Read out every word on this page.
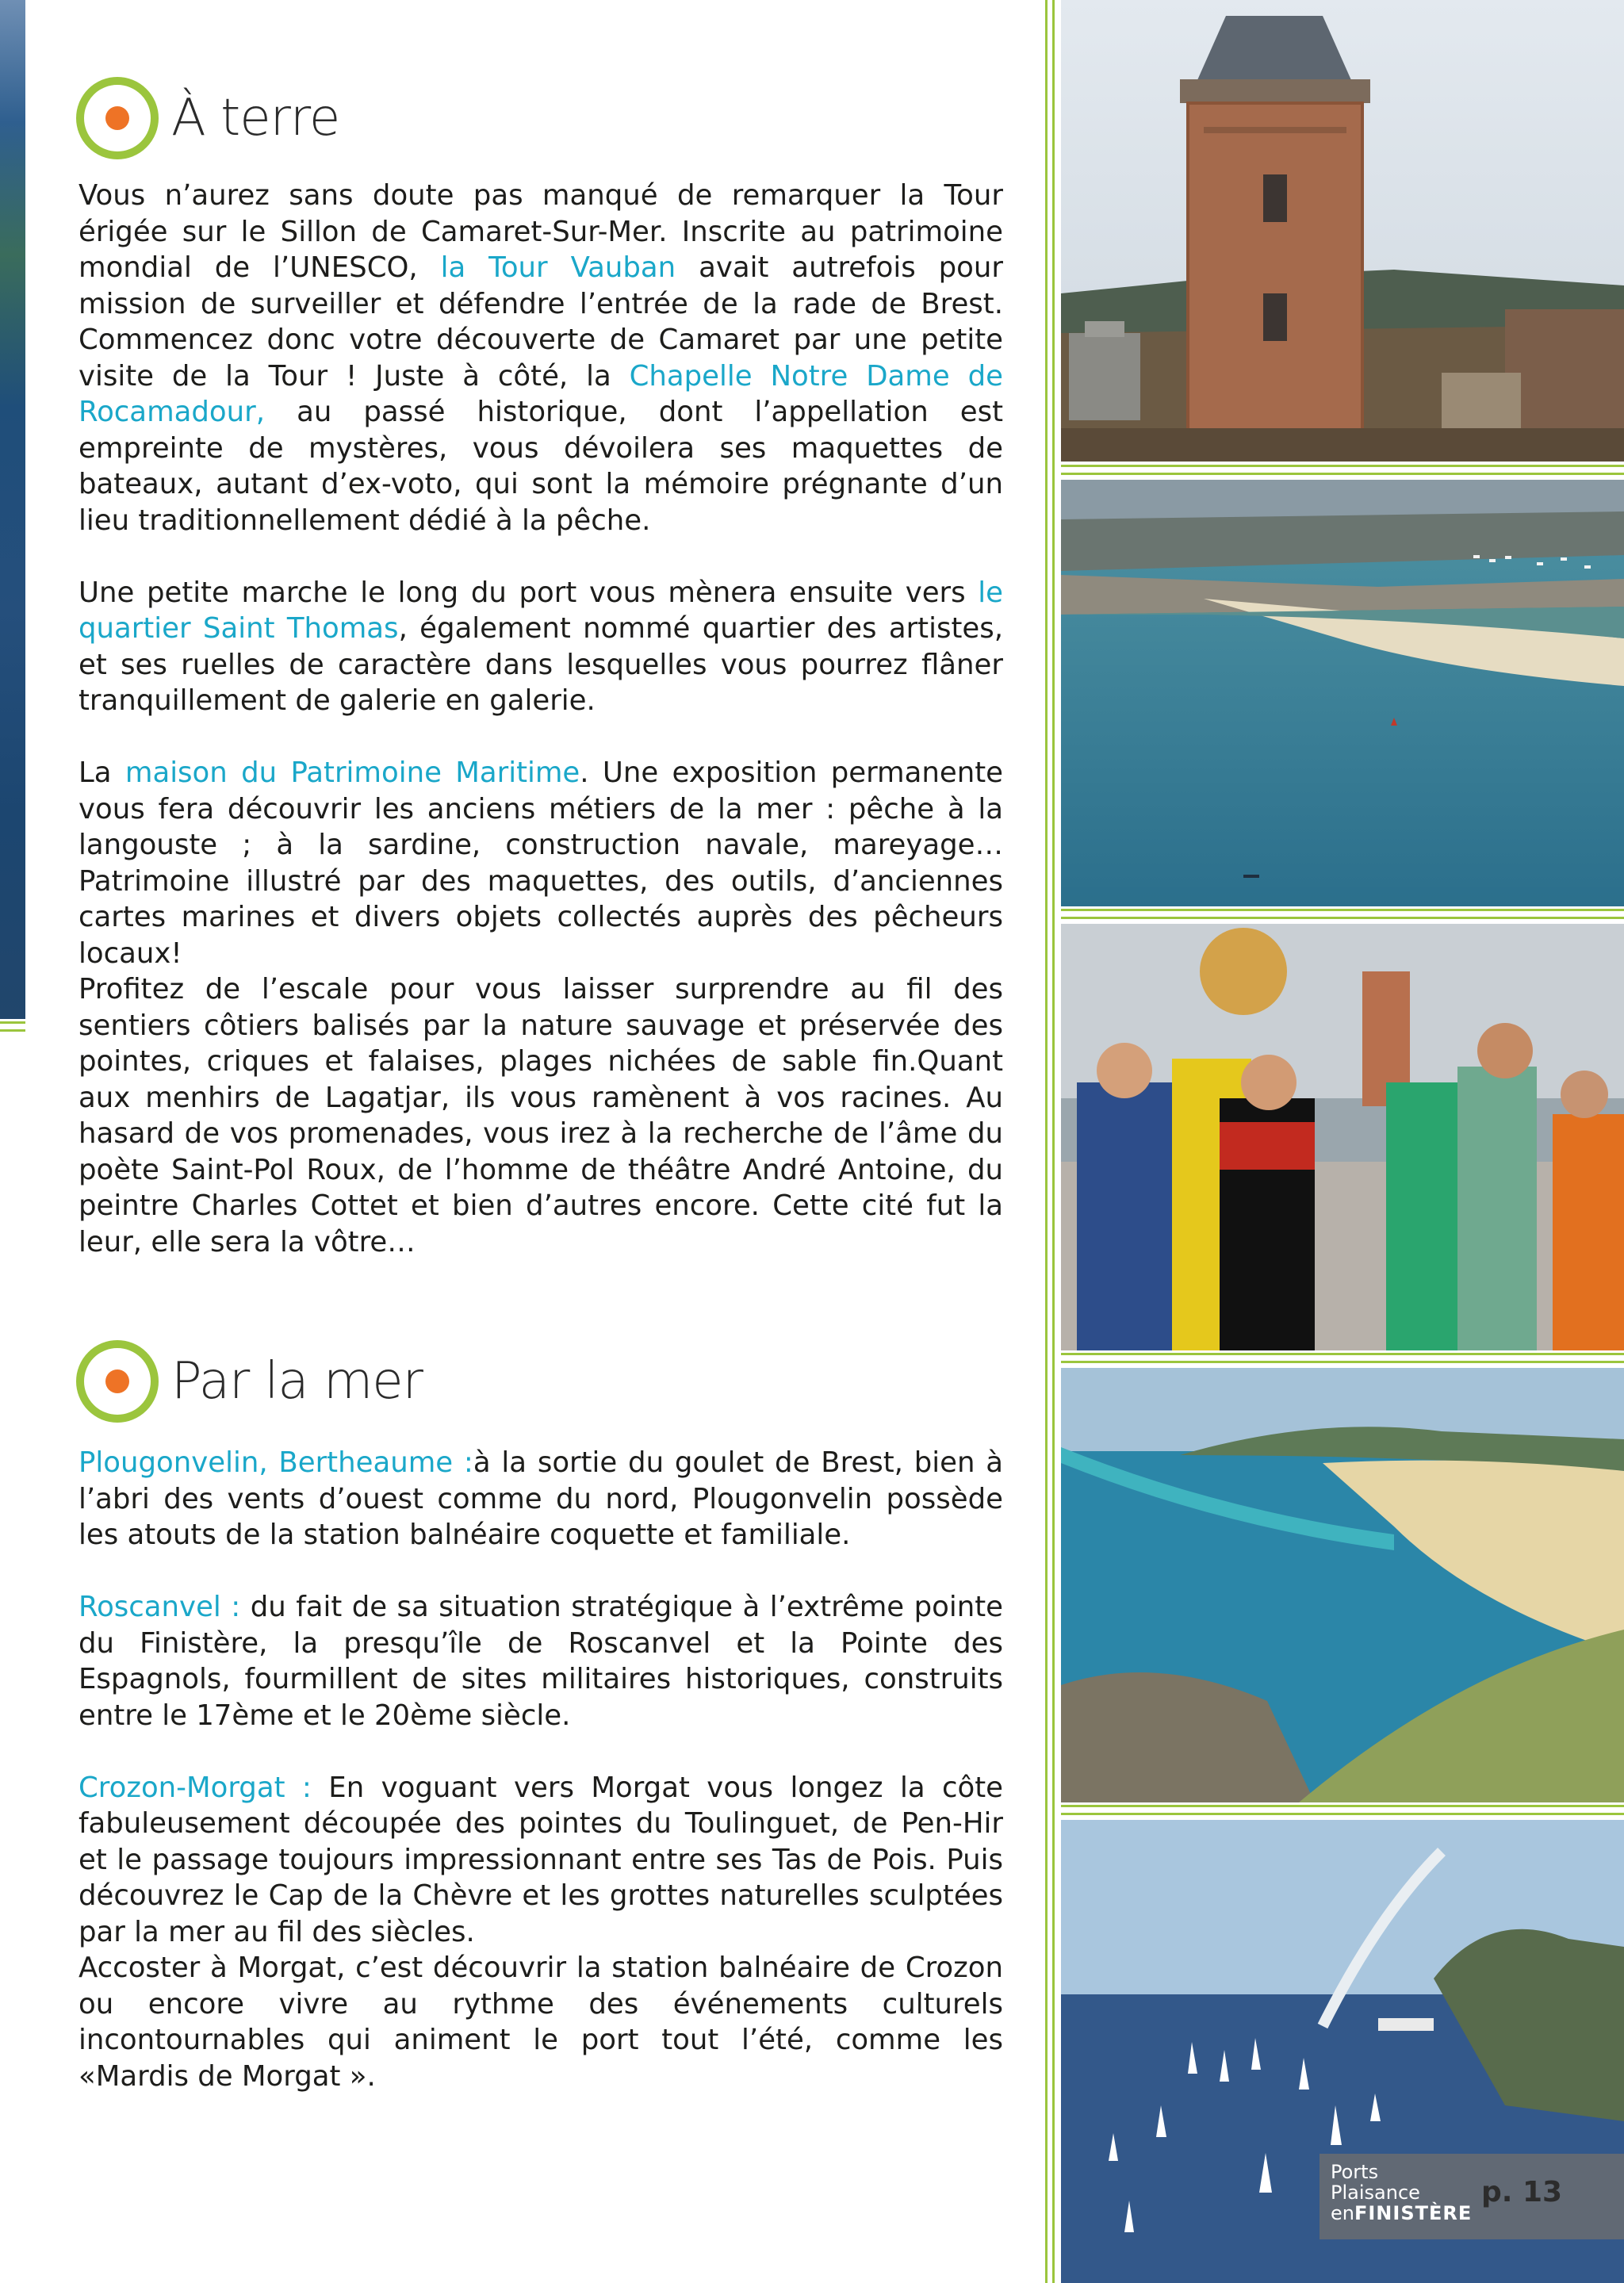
À terre

Vous n’aurez sans doute pas manqué de remarquer la Tour érigée sur le Sillon de Camaret-Sur-Mer. Inscrite au patrimoine mondial de l’UNESCO, la Tour Vauban avait autrefois pour mission de surveiller et défendre l’entrée de la rade de Brest. Commencez donc votre découverte de Camaret par une petite visite de la Tour ! Juste à côté, la Chapelle Notre Dame de Rocamadour, au passé historique, dont l’appellation est empreinte de mystères, vous dévoilera ses maquettes de bateaux, autant d’ex-voto, qui sont la mémoire prégnante d’un lieu traditionnellement dédié à la pêche.

Une petite marche le long du port vous mènera ensuite vers le quartier Saint Thomas, également nommé quartier des artistes, et ses ruelles de caractère dans lesquelles vous pourrez flâner tranquillement de galerie en galerie.

La maison du Patrimoine Maritime. Une exposition permanente vous fera découvrir les anciens métiers de la mer : pêche à la langouste ; à la sardine, construction navale, mareyage… Patrimoine illustré par des maquettes, des outils, d’anciennes cartes marines et divers objets collectés auprès des pêcheurs locaux!

Profitez de l’escale pour vous laisser surprendre au fil des sentiers côtiers balisés par la nature sauvage et préservée des pointes, criques et falaises, plages nichées de sable fin.Quant aux menhirs de Lagatjar, ils vous ramènent à vos racines. Au hasard de vos promenades, vous irez à la recherche de l’âme du poète Saint-Pol Roux, de l’homme de théâtre André Antoine, du peintre Charles Cottet et bien d’autres encore. Cette cité fut la leur, elle sera la vôtre…

Par la mer

Plougonvelin, Bertheaume :à la sortie du goulet de Brest, bien à l’abri des vents d’ouest comme du nord, Plougonvelin possède les atouts de la station balnéaire coquette et familiale.

Roscanvel : du fait de sa situation stratégique à l’extrême pointe du Finistère, la presqu’île de Roscanvel et la Pointe des Espagnols, fourmillent de sites militaires historiques, construits entre le 17ème et le 20ème siècle.

Crozon-Morgat : En voguant vers Morgat vous longez la côte fabuleusement découpée des pointes du Toulinguet, de Pen-Hir et le passage toujours impressionnant entre ses Tas de Pois. Puis découvrez le Cap de la Chèvre et les grottes naturelles sculptées par la mer au fil des siècles.

Accoster à Morgat, c’est découvrir la station balnéaire de Crozon ou encore vivre au rythme des événements culturels incontournables qui animent le port tout l’été, comme les «Mardis de Morgat ».

Ports
Plaisance
enFINISTÈRE
p. 13
